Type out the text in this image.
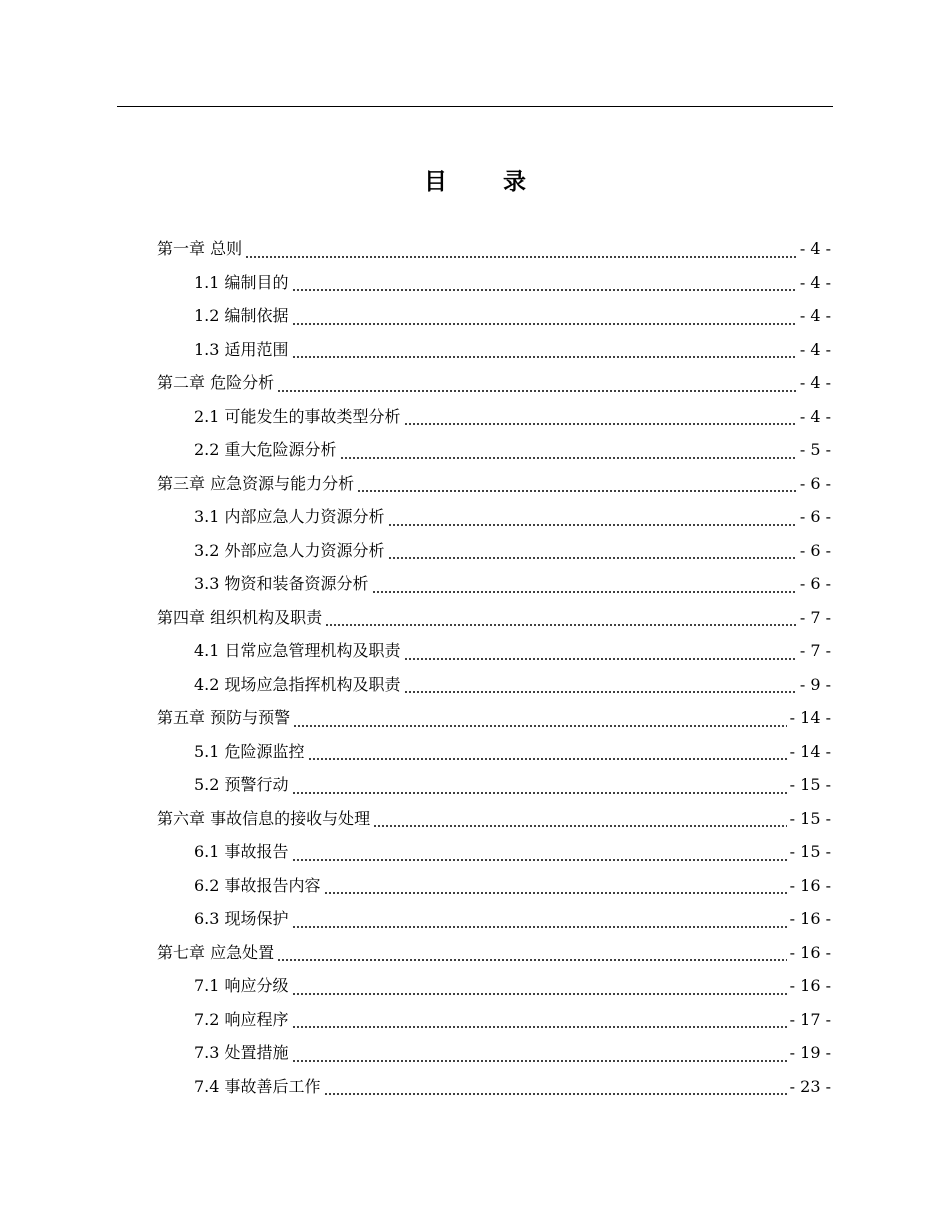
目 录
第一章 总则	- 4 -
1.1 编制目的	- 4 -
1.2 编制依据	- 4 -
1.3 适用范围	- 4 -
第二章 危险分析	- 4 -
2.1 可能发生的事故类型分析	- 4 -
2.2 重大危险源分析	- 5 -
第三章 应急资源与能力分析	- 6 -
3.1 内部应急人力资源分析	- 6 -
3.2 外部应急人力资源分析	- 6 -
3.3 物资和装备资源分析	- 6 -
第四章 组织机构及职责	- 7 -
4.1 日常应急管理机构及职责	- 7 -
4.2 现场应急指挥机构及职责	- 9 -
第五章 预防与预警	- 14 -
5.1 危险源监控	- 14 -
5.2 预警行动	- 15 -
第六章 事故信息的接收与处理	- 15 -
6.1 事故报告	- 15 -
6.2 事故报告内容	- 16 -
6.3 现场保护	- 16 -
第七章 应急处置	- 16 -
7.1 响应分级	- 16 -
7.2 响应程序	- 17 -
7.3 处置措施	- 19 -
7.4 事故善后工作	- 23 -
